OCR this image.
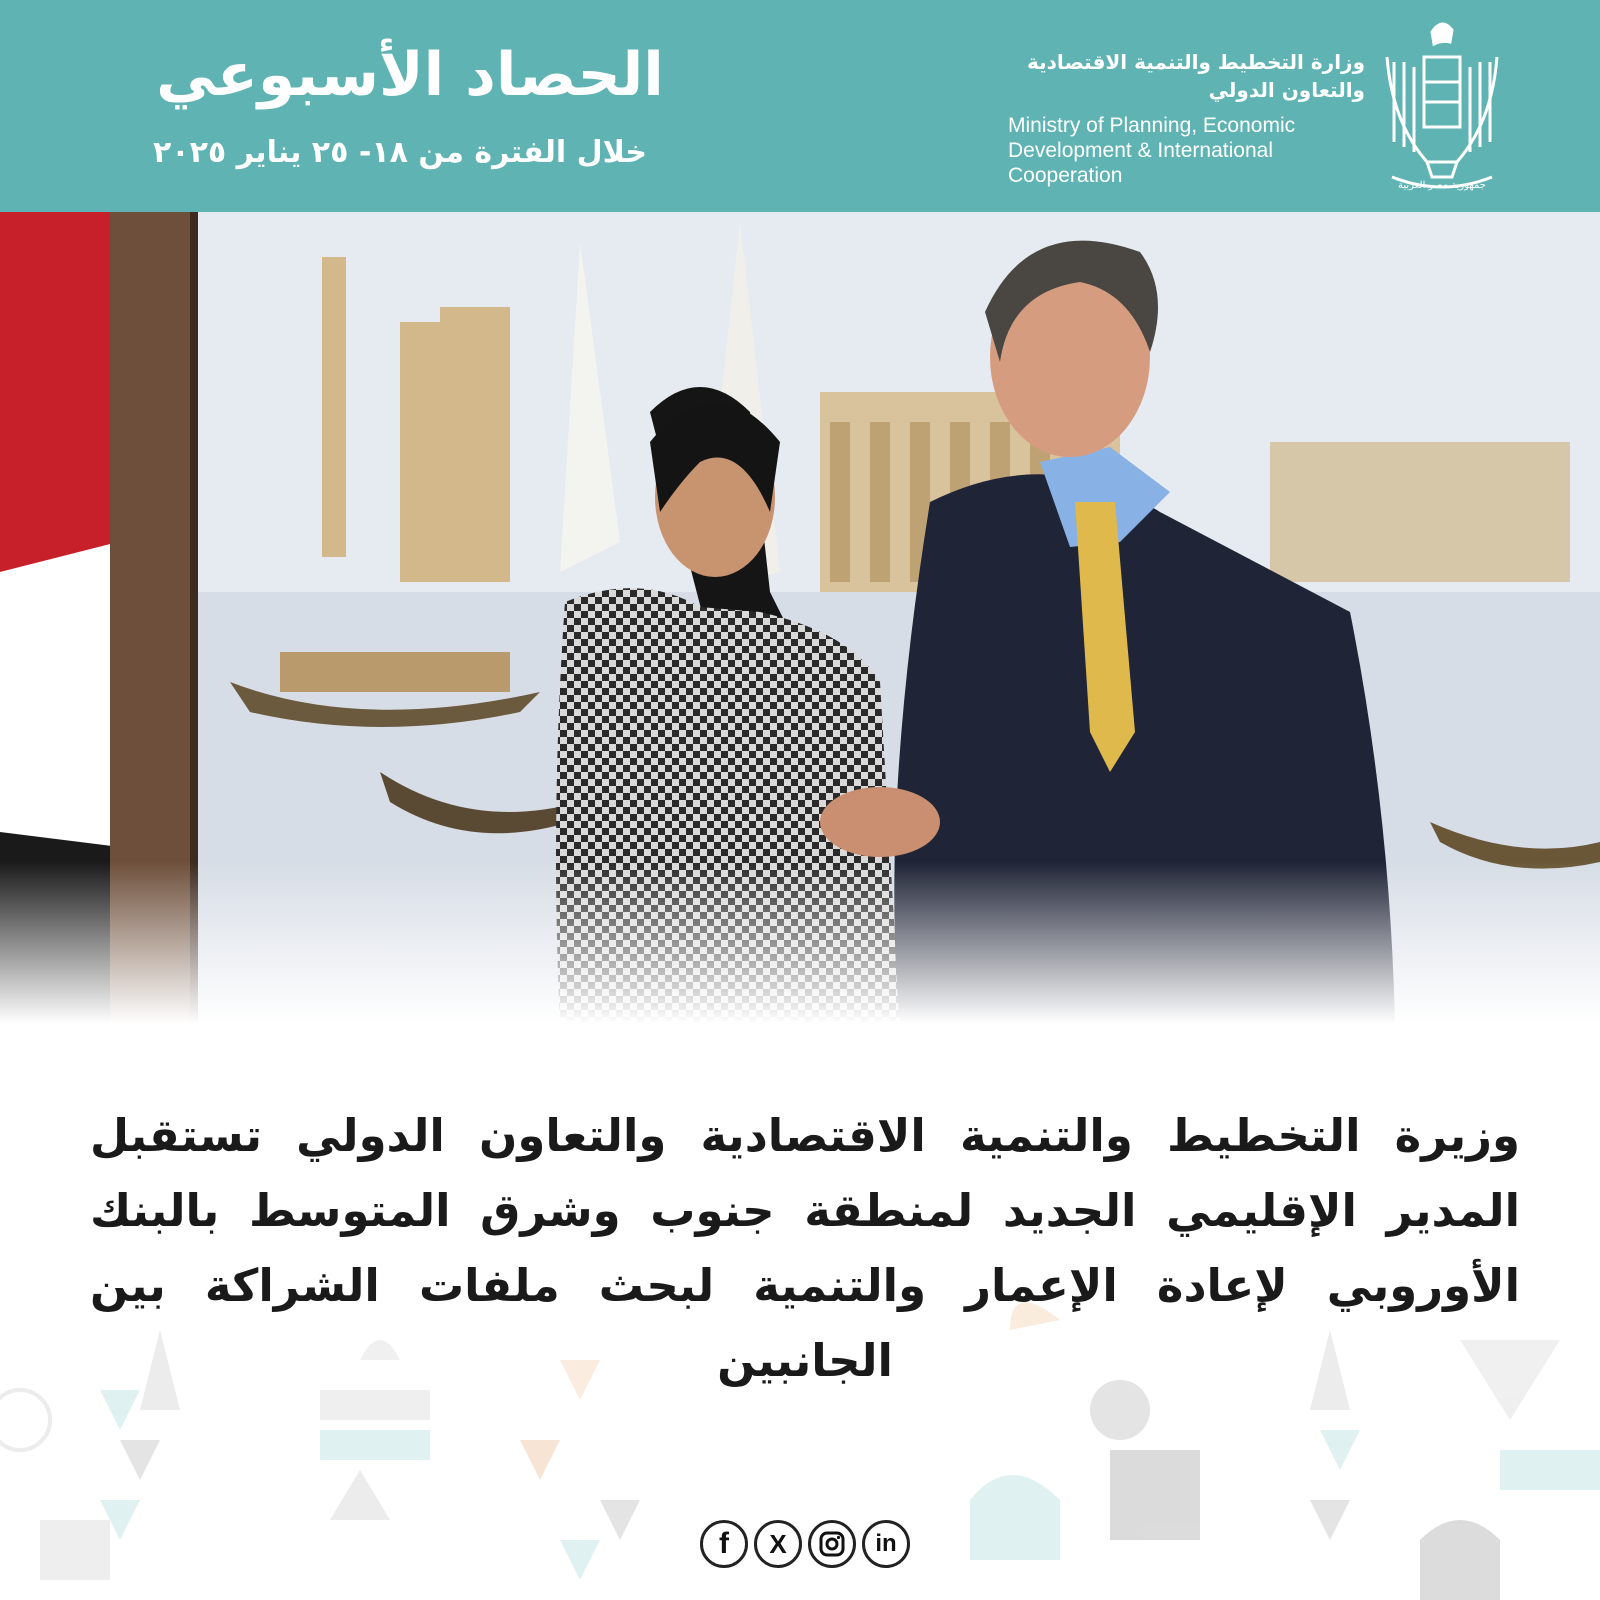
الحصاد الأسبوعي
خلال الفترة من ١٨- ٢٥ يناير ٢٠٢٥
وزارة التخطيط والتنمية الاقتصادية
والتعاون الدولي
Ministry of Planning, Economic
Development & International
Cooperation	جمهورية مصر العربية
وزيرة التخطيط والتنمية الاقتصادية والتعاون الدولي تستقبل المدير الإقليمي الجديد لمنطقة جنوب وشرق المتوسط بالبنك الأوروبي لإعادة الإعمار والتنمية لبحث ملفات الشراكة بين الجانبين
f X	in
